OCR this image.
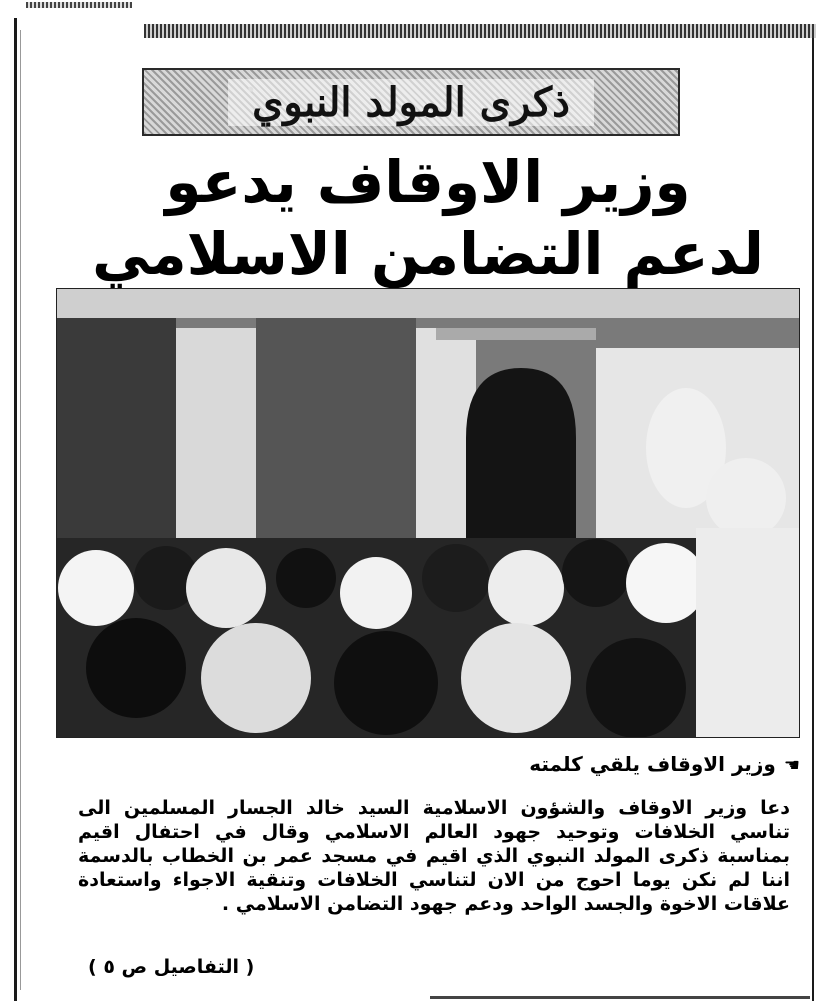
ذكرى المولد النبوي
وزير الاوقاف يدعو
لدعم التضامن الاسلامي
☚وزير الاوقاف يلقي كلمته
دعا وزير الاوقاف والشؤون الاسلامية السيد خالد الجسار المسلمين الى تناسي الخلافات وتوحيد جهود العالم الاسلامي وقال في احتفال اقيم بمناسبة ذكرى المولد النبوي الذي اقيم في مسجد عمر بن الخطاب بالدسمة اننا لم نكن يوما احوج من الان لتناسي الخلافات وتنقية الاجواء واستعادة علاقات الاخوة والجسد الواحد ودعم جهود التضامن الاسلامي .
( التفاصيل ص ٥ )
